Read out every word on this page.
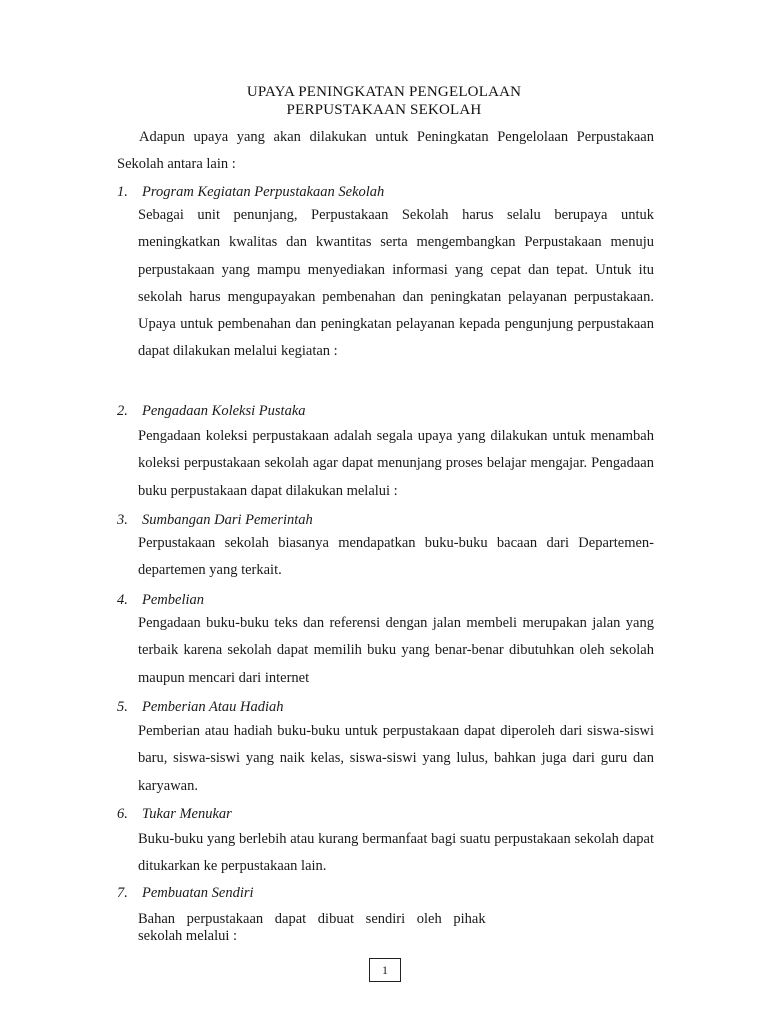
UPAYA PENINGKATAN PENGELOLAAN
PERPUSTAKAAN SEKOLAH

Adapun upaya yang akan dilakukan untuk Peningkatan Pengelolaan Perpustakaan Sekolah antara lain :

1. Program Kegiatan Perpustakaan Sekolah

Sebagai unit penunjang, Perpustakaan Sekolah harus selalu berupaya untuk meningkatkan kwalitas dan kwantitas serta mengembangkan Perpustakaan menuju perpustakaan yang mampu menyediakan informasi yang cepat dan tepat. Untuk itu sekolah harus mengupayakan pembenahan dan peningkatan pelayanan perpustakaan. Upaya untuk pembenahan dan peningkatan pelayanan kepada pengunjung perpustakaan dapat dilakukan melalui kegiatan :

2. Pengadaan Koleksi Pustaka

Pengadaan koleksi perpustakaan adalah segala upaya yang dilakukan untuk menambah koleksi perpustakaan sekolah agar dapat menunjang proses belajar mengajar. Pengadaan buku perpustakaan dapat dilakukan melalui :

3. Sumbangan Dari Pemerintah

Perpustakaan sekolah biasanya mendapatkan buku-buku bacaan dari Departemen-departemen yang terkait.

4. Pembelian

Pengadaan buku-buku teks dan referensi dengan jalan membeli merupakan jalan yang terbaik karena sekolah dapat memilih buku yang benar-benar dibutuhkan oleh sekolah maupun mencari dari internet

5. Pemberian Atau Hadiah

Pemberian atau hadiah buku-buku untuk perpustakaan dapat diperoleh dari siswa-siswi baru, siswa-siswi yang naik kelas, siswa-siswi yang lulus, bahkan juga dari guru dan karyawan.

6. Tukar Menukar

Buku-buku yang berlebih atau kurang bermanfaat bagi suatu perpustakaan sekolah dapat ditukarkan ke perpustakaan lain.

7. Pembuatan Sendiri

Bahan perpustakaan dapat dibuat sendiri oleh pihak

sekolah melalui :

1
